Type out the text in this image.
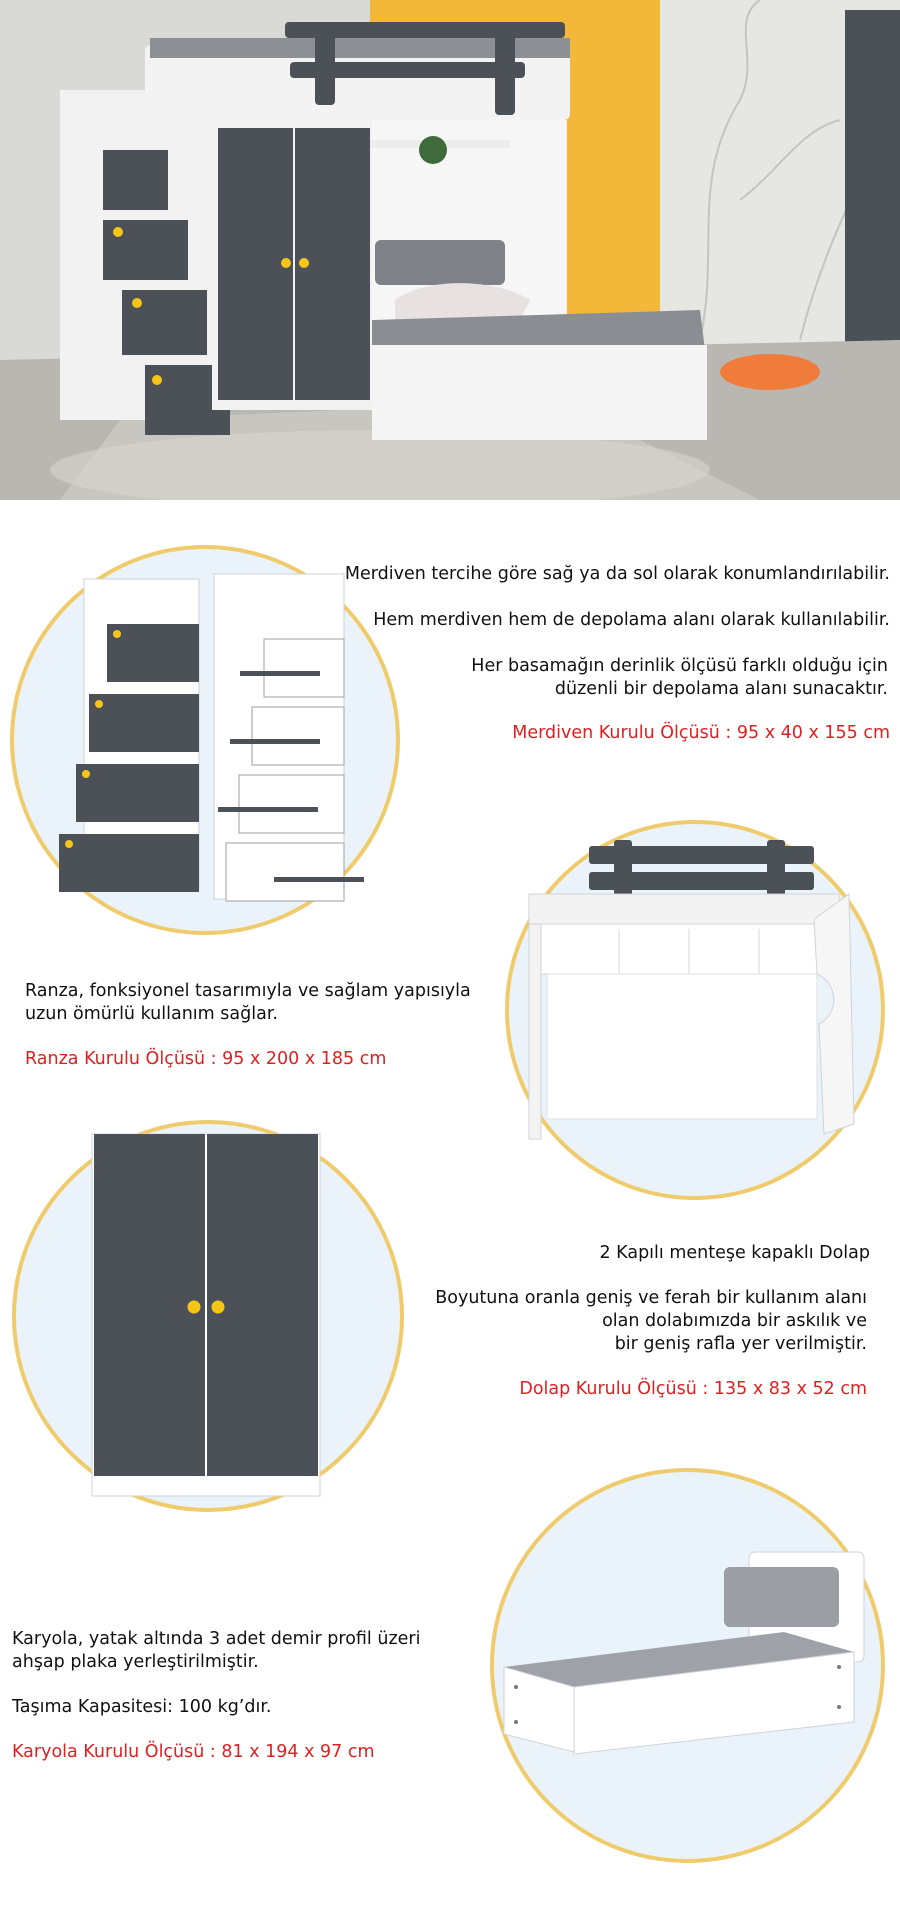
Merdiven tercihe göre sağ ya da sol olarak konumlandırılabilir.
Hem merdiven hem de depolama alanı olarak kullanılabilir.
Her basamağın derinlik ölçüsü farklı olduğu için
düzenli bir depolama alanı sunacaktır.
Merdiven Kurulu Ölçüsü : 95 x 40 x 155 cm
Ranza, fonksiyonel tasarımıyla ve sağlam yapısıyla
uzun ömürlü kullanım sağlar.
Ranza Kurulu Ölçüsü : 95 x 200 x 185 cm
2 Kapılı menteşe kapaklı Dolap
Boyutuna oranla geniş ve ferah bir kullanım alanı
olan dolabımızda bir askılık ve
bir geniş rafla yer verilmiştir.
Dolap Kurulu Ölçüsü : 135 x 83 x 52 cm
Karyola, yatak altında 3 adet demir profil üzeri
ahşap plaka yerleştirilmiştir.
Taşıma Kapasitesi: 100 kg’dır.
Karyola Kurulu Ölçüsü : 81 x 194 x 97 cm
